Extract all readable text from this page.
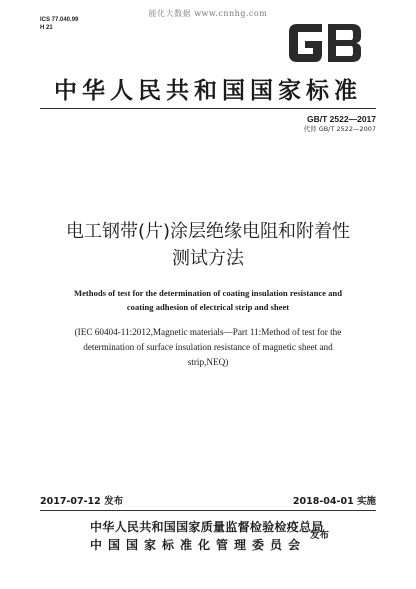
能化大数据 www.cnnhg.com
ICS 77.040.99
H 21
GB
中华人民共和国国家标准
GB/T 2522—2017
代替 GB/T 2522—2007
电工钢带(片)涂层绝缘电阻和附着性
测试方法
Methods of test for the determination of coating insulation resistance and
coating adhesion of electrical strip and sheet
(IEC 60404-11:2012,Magnetic materials—Part 11:Method of test for the
determination of surface insulation resistance of magnetic sheet and
strip,NEQ)
2017-07-12 发布	2018-04-01 实施
中华人民共和国国家质量监督检验检疫总局
中国国家标准化管理委员会
发布
